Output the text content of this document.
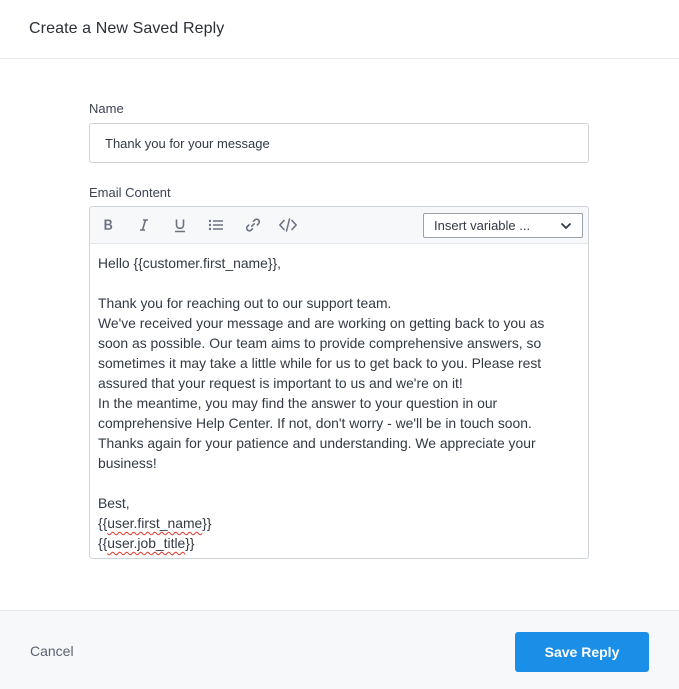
Create a New Saved Reply
Name
Thank you for your message
Email Content
Insert variable ...
Hello {{customer.first_name}},
Thank you for reaching out to our support team.
We've received your message and are working on getting back to you as
soon as possible. Our team aims to provide comprehensive answers, so
sometimes it may take a little while for us to get back to you. Please rest
assured that your request is important to us and we're on it!
In the meantime, you may find the answer to your question in our
comprehensive Help Center. If not, don't worry - we'll be in touch soon.
Thanks again for your patience and understanding. We appreciate your
business!
Best,
{{user.first_name}}
{{user.job_title}}
Cancel	Save Reply
